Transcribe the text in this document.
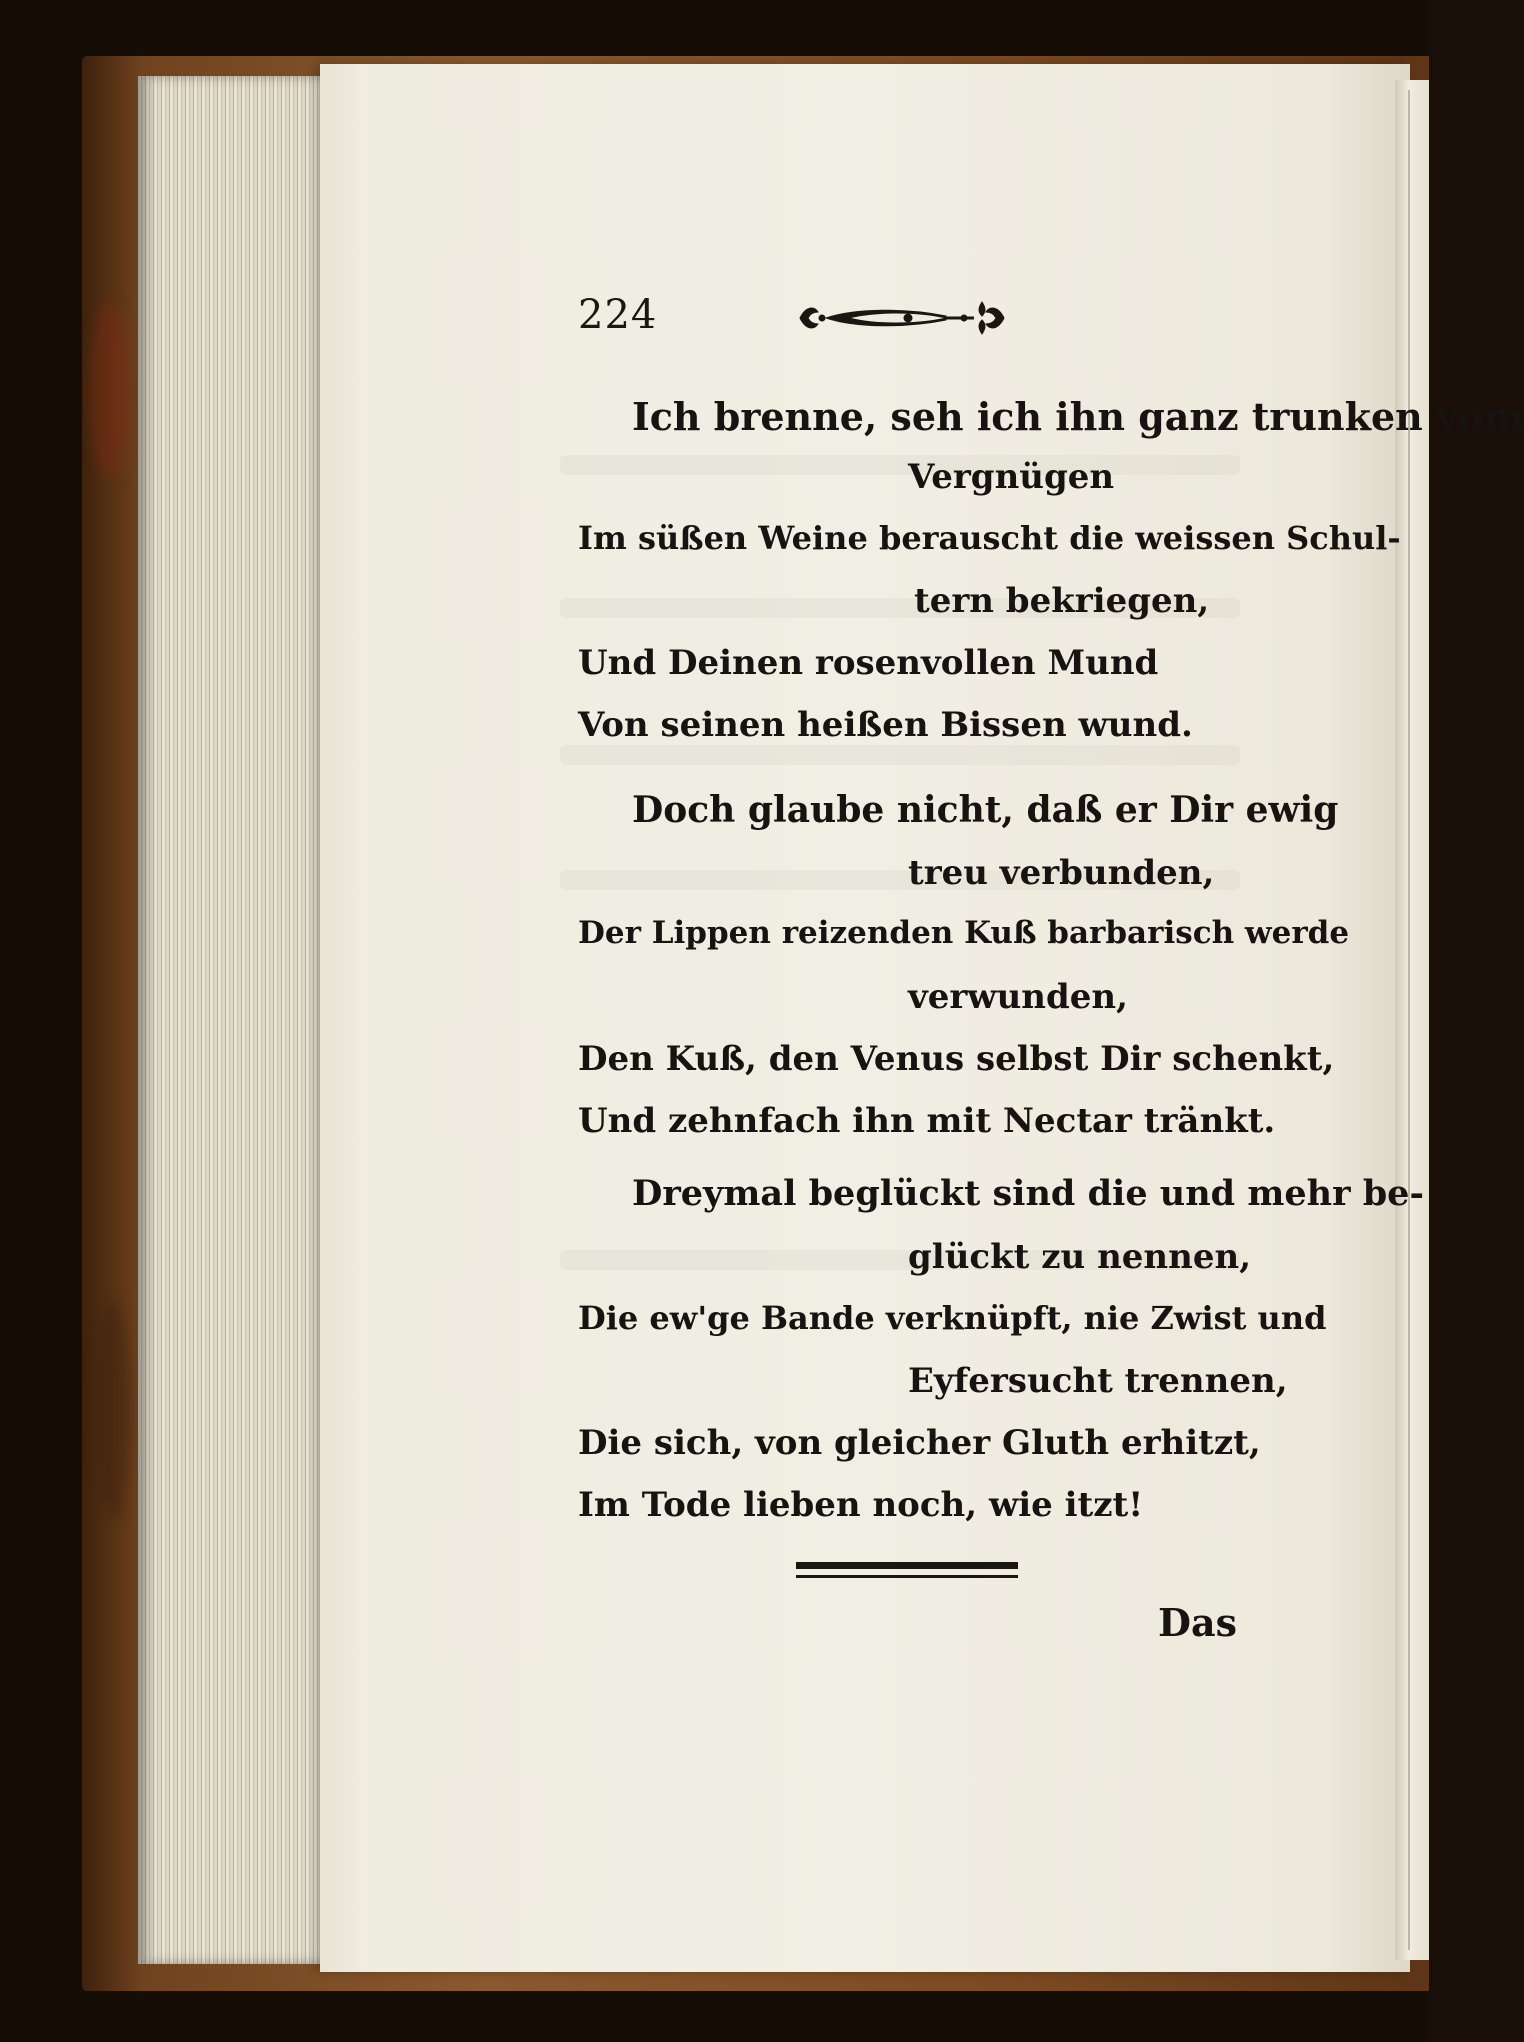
224
Ich brenne, seh ich ihn ganz trunken vom
Vergnügen
Im süßen Weine berauscht die weissen Schul-
tern bekriegen,
Und Deinen rosenvollen Mund
Von seinen heißen Bissen wund.
Doch glaube nicht, daß er Dir ewig
treu verbunden,
Der Lippen reizenden Kuß barbarisch werde
verwunden,
Den Kuß, den Venus selbst Dir schenkt,
Und zehnfach ihn mit Nectar tränkt.
Dreymal beglückt sind die und mehr be-
glückt zu nennen,
Die ew'ge Bande verknüpft, nie Zwist und
Eyfersucht trennen,
Die sich, von gleicher Gluth erhitzt,
Im Tode lieben noch, wie itzt!
Das
